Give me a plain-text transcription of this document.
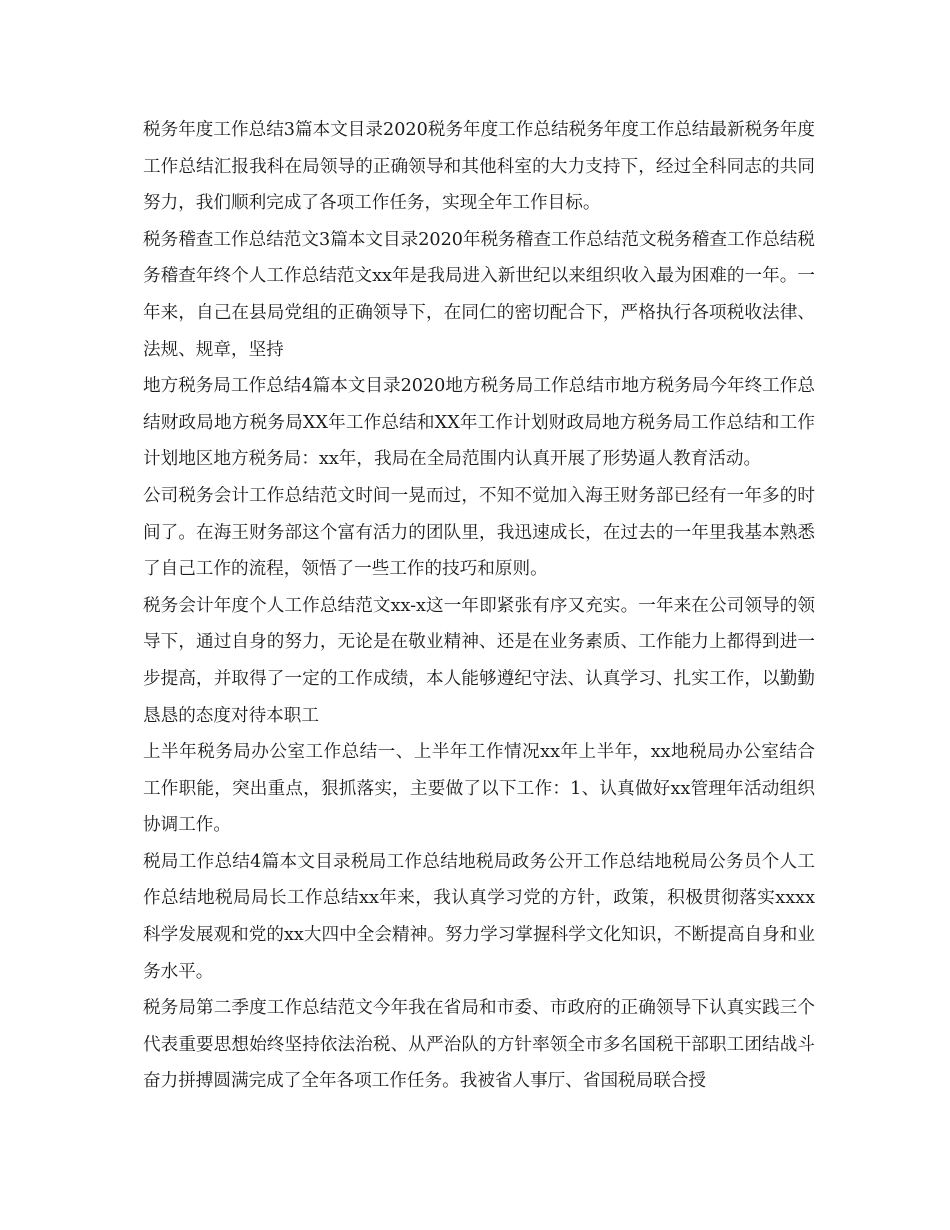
税务年度工作总结3篇本文目录2020税务年度工作总结税务年度工作总结最新税务年度工作总结汇报我科在局领导的正确领导和其他科室的大力支持下，经过全科同志的共同努力，我们顺利完成了各项工作任务，实现全年工作目标。

税务稽查工作总结范文3篇本文目录2020年税务稽查工作总结范文税务稽查工作总结税务稽查年终个人工作总结范文xx年是我局进入新世纪以来组织收入最为困难的一年。一年来，自己在县局党组的正确领导下，在同仁的密切配合下，严格执行各项税收法律、法规、规章，坚持

地方税务局工作总结4篇本文目录2020地方税务局工作总结市地方税务局今年终工作总结财政局地方税务局XX年工作总结和XX年工作计划财政局地方税务局工作总结和工作计划地区地方税务局：xx年，我局在全局范围内认真开展了形势逼人教育活动。

公司税务会计工作总结范文时间一晃而过，不知不觉加入海王财务部已经有一年多的时间了。在海王财务部这个富有活力的团队里，我迅速成长，在过去的一年里我基本熟悉了自己工作的流程，领悟了一些工作的技巧和原则。

税务会计年度个人工作总结范文xx-x这一年即紧张有序又充实。一年来在公司领导的领导下，通过自身的努力，无论是在敬业精神、还是在业务素质、工作能力上都得到进一步提高，并取得了一定的工作成绩，本人能够遵纪守法、认真学习、扎实工作，以勤勤恳恳的态度对待本职工

上半年税务局办公室工作总结一、上半年工作情况xx年上半年，xx地税局办公室结合工作职能，突出重点，狠抓落实，主要做了以下工作：1、认真做好xx管理年活动组织协调工作。

税局工作总结4篇本文目录税局工作总结地税局政务公开工作总结地税局公务员个人工作总结地税局局长工作总结xx年来，我认真学习党的方针，政策，积极贯彻落实xxxx科学发展观和党的xx大四中全会精神。努力学习掌握科学文化知识，不断提高自身和业务水平。

税务局第二季度工作总结范文今年我在省局和市委、市政府的正确领导下认真实践三个代表重要思想始终坚持依法治税、从严治队的方针率领全市多名国税干部职工团结战斗奋力拼搏圆满完成了全年各项工作任务。我被省人事厅、省国税局联合授
